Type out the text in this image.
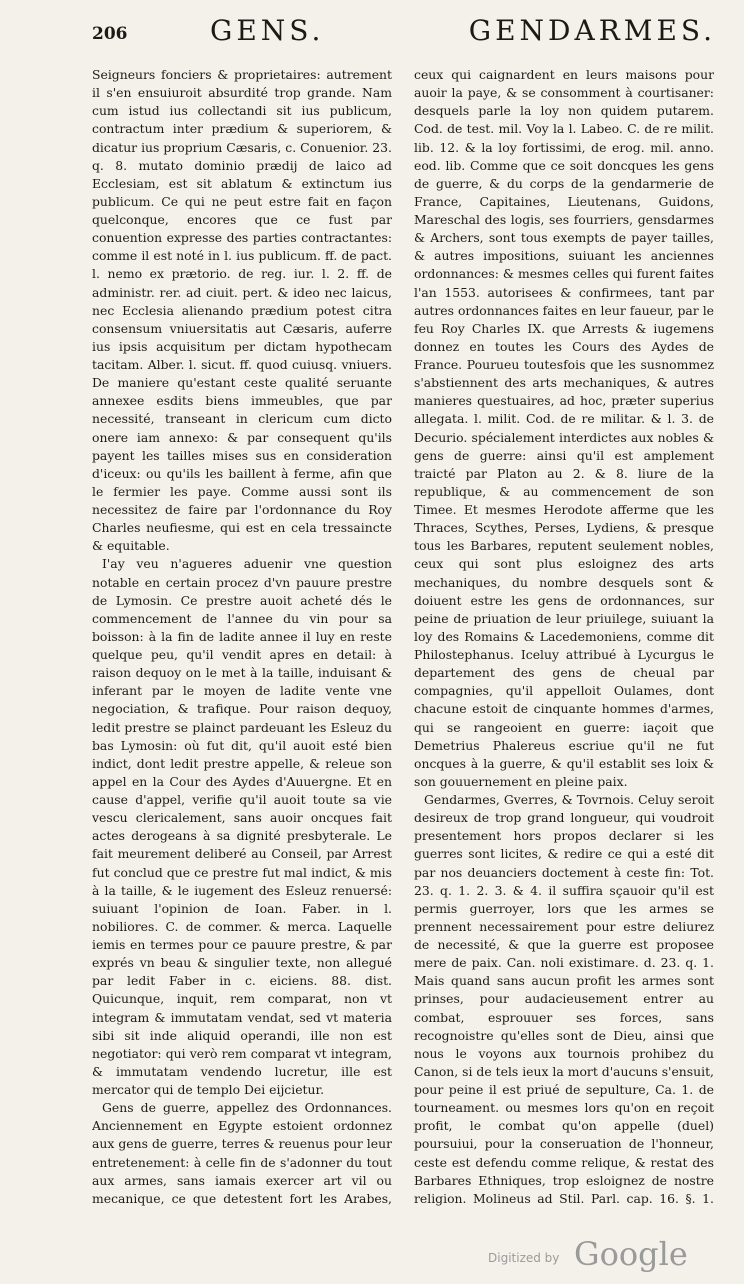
206	GENS.	GENDARMES.

Seigneurs fonciers & proprietaires: autrement il s'en ensuiuroit absurdité trop grande. Nam cum istud ius collectandi sit ius publicum, contractum inter prædium & superiorem, & dicatur ius proprium Cæsaris, c. Conuenior. 23. q. 8. mutato dominio prædij de laico ad Ecclesiam, est sit ablatum & extinctum ius publicum. Ce qui ne peut estre fait en façon quelconque, encores que ce fust par conuention expresse des parties contractantes: comme il est noté in l. ius publicum. ff. de pact. l. nemo ex prætorio. de reg. iur. l. 2. ff. de administr. rer. ad ciuit. pert. & ideo nec laicus, nec Ecclesia alienando prædium potest citra consensum vniuersitatis aut Cæsaris, auferre ius ipsis acquisitum per dictam hypothecam tacitam. Alber. l. sicut. ff. quod cuiusq. vniuers. De maniere qu'estant ceste qualité seruante annexee esdits biens immeubles, que par necessité, transeant in clericum cum dicto onere iam annexo: & par consequent qu'ils payent les tailles mises sus en consideration d'iceux: ou qu'ils les baillent à ferme, afin que le fermier les paye. Comme aussi sont ils necessitez de faire par l'ordonnance du Roy Charles neufiesme, qui est en cela tressaincte & equitable.

I'ay veu n'agueres aduenir vne question notable en certain procez d'vn pauure prestre de Lymosin. Ce prestre auoit acheté dés le commencement de l'annee du vin pour sa boisson: à la fin de ladite annee il luy en reste quelque peu, qu'il vendit apres en detail: à raison dequoy on le met à la taille, induisant & inferant par le moyen de ladite vente vne negociation, & trafique. Pour raison dequoy, ledit prestre se plainct pardeuant les Esleuz du bas Lymosin: où fut dit, qu'il auoit esté bien indict, dont ledit prestre appelle, & releue son appel en la Cour des Aydes d'Auuergne. Et en cause d'appel, verifie qu'il auoit toute sa vie vescu clericalement, sans auoir oncques fait actes derogeans à sa dignité presbyterale. Le fait meurement deliberé au Conseil, par Arrest fut conclud que ce prestre fut mal indict, & mis à la taille, & le iugement des Esleuz renuersé: suiuant l'opinion de Ioan. Faber. in l. nobiliores. C. de commer. & merca. Laquelle iemis en termes pour ce pauure prestre, & par exprés vn beau & singulier texte, non allegué par ledit Faber in c. eiciens. 88. dist. Quicunque, inquit, rem comparat, non vt integram & immutatam vendat, sed vt materia sibi sit inde aliquid operandi, ille non est negotiator: qui verò rem comparat vt integram, & immutatam vendendo lucretur, ille est mercator qui de templo Dei eijcietur.

Gens de guerre, appellez des Ordonnances. Anciennement en Egypte estoient ordonnez aux gens de guerre, terres & reuenus pour leur entretenement: à celle fin de s'adonner du tout aux armes, sans iamais exercer art vil ou mecanique, ce que detestent fort les Arabes,

ceux qui caignardent en leurs maisons pour auoir la paye, & se consomment à courtisaner: desquels parle la loy non quidem putarem. Cod. de test. mil. Voy la l. Labeo. C. de re milit. lib. 12. & la loy fortissimi, de erog. mil. anno. eod. lib. Comme que ce soit doncques les gens de guerre, & du corps de la gendarmerie de France, Capitaines, Lieutenans, Guidons, Mareschal des logis, ses fourriers, gensdarmes & Archers, sont tous exempts de payer tailles, & autres impositions, suiuant les anciennes ordonnances: & mesmes celles qui furent faites l'an 1553. autorisees & confirmees, tant par autres ordonnances faites en leur faueur, par le feu Roy Charles IX. que Arrests & iugemens donnez en toutes les Cours des Aydes de France. Pourueu toutesfois que les susnommez s'abstiennent des arts mechaniques, & autres manieres questuaires, ad hoc, præter superius allegata. l. milit. Cod. de re militar. & l. 3. de Decurio. spécialement interdictes aux nobles & gens de guerre: ainsi qu'il est amplement traicté par Platon au 2. & 8. liure de la republique, & au commencement de son Timee. Et mesmes Herodote afferme que les Thraces, Scythes, Perses, Lydiens, & presque tous les Barbares, reputent seulement nobles, ceux qui sont plus esloignez des arts mechaniques, du nombre desquels sont & doiuent estre les gens de ordonnances, sur peine de priuation de leur priuilege, suiuant la loy des Romains & Lacedemoniens, comme dit Philostephanus. Iceluy attribué à Lycurgus le departement des gens de cheual par compagnies, qu'il appelloit Oulames, dont chacune estoit de cinquante hommes d'armes, qui se rangeoient en guerre: iaçoit que Demetrius Phalereus escriue qu'il ne fut oncques à la guerre, & qu'il establit ses loix & son gouuernement en pleine paix.

Gendarmes, Gverres, & Tovrnois. Celuy seroit desireux de trop grand longueur, qui voudroit presentement hors propos declarer si les guerres sont licites, & redire ce qui a esté dit par nos deuanciers doctement à ceste fin: Tot. 23. q. 1. 2. 3. & 4. il suffira sçauoir qu'il est permis guerroyer, lors que les armes se prennent necessairement pour estre deliurez de necessité, & que la guerre est proposee mere de paix. Can. noli existimare. d. 23. q. 1. Mais quand sans aucun profit les armes sont prinses, pour audacieusement entrer au combat, esprouuer ses forces, sans recognoistre qu'elles sont de Dieu, ainsi que nous le voyons aux tournois prohibez du Canon, si de tels ieux la mort d'aucuns s'ensuit, pour peine il est priué de sepulture, Ca. 1. de tourneament. ou mesmes lors qu'on en reçoit profit, le combat qu'on appelle (duel) poursuiui, pour la conseruation de l'honneur, ceste est defendu comme relique, & restat des Barbares Ethniques, trop esloignez de nostre religion. Molineus ad Stil. Parl. cap. 16. §. 1.

Digitized by Google
